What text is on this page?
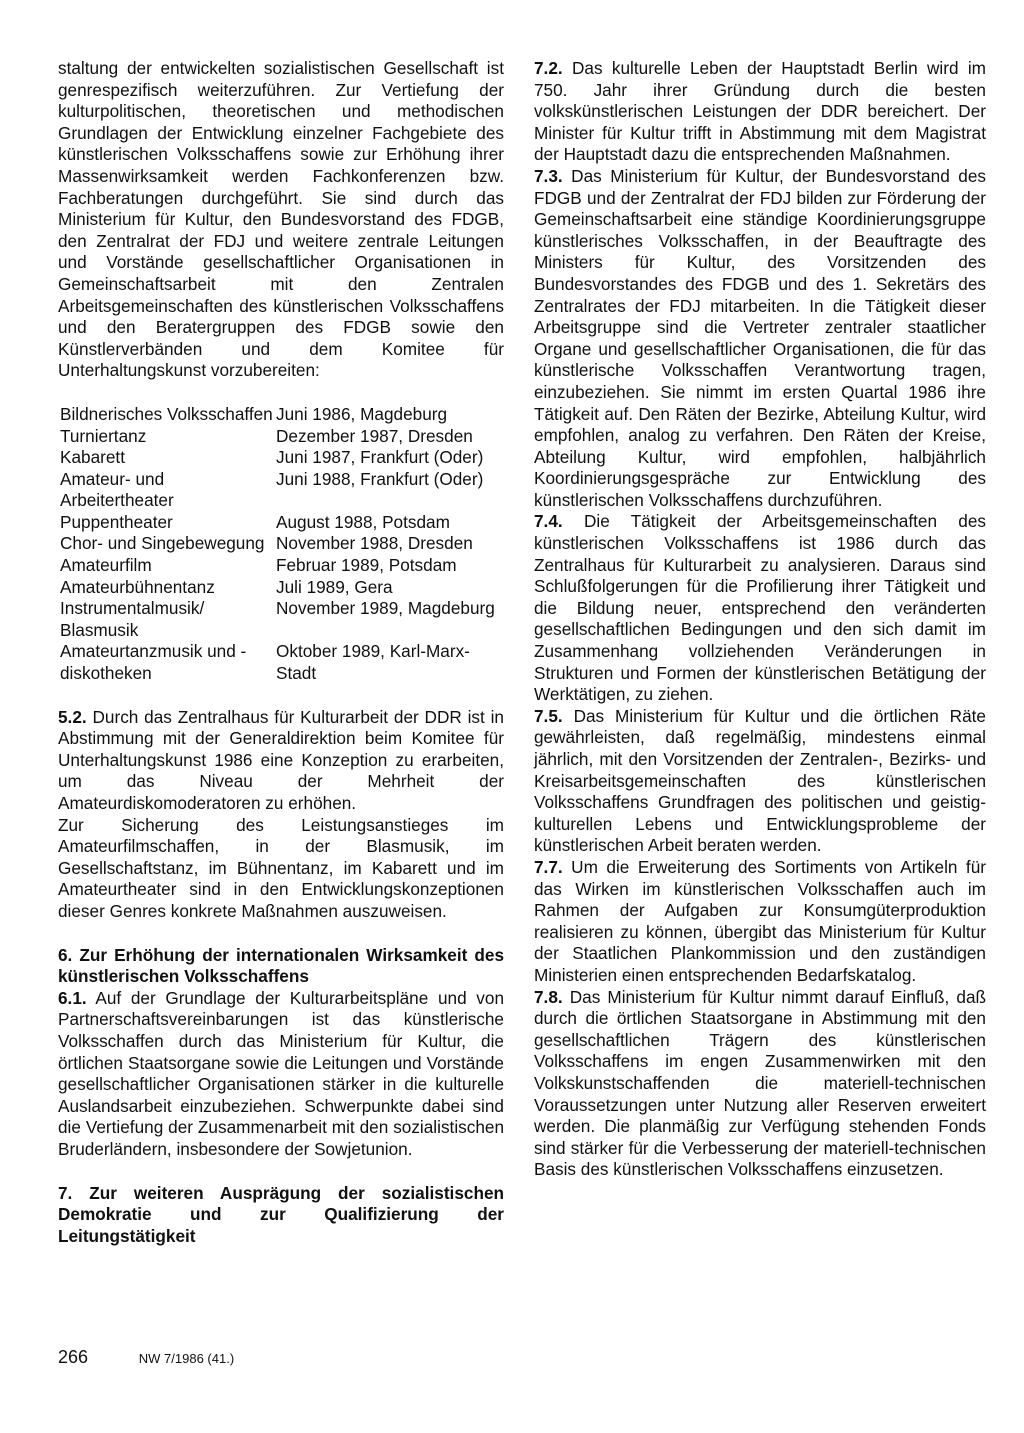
staltung der entwickelten sozialistischen Gesellschaft ist genrespezifisch weiterzuführen. Zur Vertiefung der kulturpolitischen, theoretischen und methodischen Grundlagen der Entwicklung einzelner Fachgebiete des künstlerischen Volksschaffens sowie zur Erhöhung ihrer Massenwirksamkeit werden Fachkonferenzen bzw. Fachberatungen durchgeführt. Sie sind durch das Ministerium für Kultur, den Bundesvorstand des FDGB, den Zentralrat der FDJ und weitere zentrale Leitungen und Vorstände gesellschaftlicher Organisationen in Gemeinschaftsarbeit mit den Zentralen Arbeitsgemeinschaften des künstlerischen Volksschaffens und den Beratergruppen des FDGB sowie den Künstlerverbänden und dem Komitee für Unterhaltungskunst vorzubereiten:

Bildnerisches Volksschaffen	Juni 1986, Magdeburg
Turniertanz	Dezember 1987, Dresden
Kabarett	Juni 1987, Frankfurt (Oder)
Amateur- und Arbeitertheater	Juni 1988, Frankfurt (Oder)
Puppentheater	August 1988, Potsdam
Chor- und Singebewegung	November 1988, Dresden
Amateurfilm	Februar 1989, Potsdam
Amateurbühnentanz	Juli 1989, Gera
Instrumentalmusik/ Blasmusik	November 1989, Magdeburg
Amateurtanzmusik und -diskotheken	Oktober 1989, Karl-Marx-Stadt

5.2. Durch das Zentralhaus für Kulturarbeit der DDR ist in Abstimmung mit der Generaldirektion beim Komitee für Unterhaltungskunst 1986 eine Konzeption zu erarbeiten, um das Niveau der Mehrheit der Amateurdiskomoderatoren zu erhöhen.

Zur Sicherung des Leistungsanstieges im Amateurfilmschaffen, in der Blasmusik, im Gesellschaftstanz, im Bühnentanz, im Kabarett und im Amateurtheater sind in den Entwicklungskonzeptionen dieser Genres konkrete Maßnahmen auszuweisen.

6. Zur Erhöhung der internationalen Wirksamkeit des künstlerischen Volksschaffens

6.1. Auf der Grundlage der Kulturarbeitspläne und von Partnerschaftsvereinbarungen ist das künstlerische Volksschaffen durch das Ministerium für Kultur, die örtlichen Staatsorgane sowie die Leitungen und Vorstände gesellschaftlicher Organisationen stärker in die kulturelle Auslandsarbeit einzubeziehen. Schwerpunkte dabei sind die Vertiefung der Zusammenarbeit mit den sozialistischen Bruderländern, insbesondere der Sowjetunion.

7. Zur weiteren Ausprägung der sozialistischen Demokratie und zur Qualifizierung der Leitungstätigkeit

7.2. Das kulturelle Leben der Hauptstadt Berlin wird im 750. Jahr ihrer Gründung durch die besten volkskünstlerischen Leistungen der DDR bereichert. Der Minister für Kultur trifft in Abstimmung mit dem Magistrat der Hauptstadt dazu die entsprechenden Maßnahmen.

7.3. Das Ministerium für Kultur, der Bundesvorstand des FDGB und der Zentralrat der FDJ bilden zur Förderung der Gemeinschaftsarbeit eine ständige Koordinierungsgruppe künstlerisches Volksschaffen, in der Beauftragte des Ministers für Kultur, des Vorsitzenden des Bundesvorstandes des FDGB und des 1. Sekretärs des Zentralrates der FDJ mitarbeiten. In die Tätigkeit dieser Arbeitsgruppe sind die Vertreter zentraler staatlicher Organe und gesellschaftlicher Organisationen, die für das künstlerische Volksschaffen Verantwortung tragen, einzubeziehen. Sie nimmt im ersten Quartal 1986 ihre Tätigkeit auf. Den Räten der Bezirke, Abteilung Kultur, wird empfohlen, analog zu verfahren. Den Räten der Kreise, Abteilung Kultur, wird empfohlen, halbjährlich Koordinierungsgespräche zur Entwicklung des künstlerischen Volksschaffens durchzuführen.

7.4. Die Tätigkeit der Arbeitsgemeinschaften des künstlerischen Volksschaffens ist 1986 durch das Zentralhaus für Kulturarbeit zu analysieren. Daraus sind Schlußfolgerungen für die Profilierung ihrer Tätigkeit und die Bildung neuer, entsprechend den veränderten gesellschaftlichen Bedingungen und den sich damit im Zusammenhang vollziehenden Veränderungen in Strukturen und Formen der künstlerischen Betätigung der Werktätigen, zu ziehen.

7.5. Das Ministerium für Kultur und die örtlichen Räte gewährleisten, daß regelmäßig, mindestens einmal jährlich, mit den Vorsitzenden der Zentralen-, Bezirks- und Kreisarbeitsgemeinschaften des künstlerischen Volksschaffens Grundfragen des politischen und geistig-kulturellen Lebens und Entwicklungsprobleme der künstlerischen Arbeit beraten werden.

7.7. Um die Erweiterung des Sortiments von Artikeln für das Wirken im künstlerischen Volksschaffen auch im Rahmen der Aufgaben zur Konsumgüterproduktion realisieren zu können, übergibt das Ministerium für Kultur der Staatlichen Plankommission und den zuständigen Ministerien einen entsprechenden Bedarfskatalog.

7.8. Das Ministerium für Kultur nimmt darauf Einfluß, daß durch die örtlichen Staatsorgane in Abstimmung mit den gesellschaftlichen Trägern des künstlerischen Volksschaffens im engen Zusammenwirken mit den Volkskunstschaffenden die materiell-technischen Voraussetzungen unter Nutzung aller Reserven erweitert werden. Die planmäßig zur Verfügung stehenden Fonds sind stärker für die Verbesserung der materiell-technischen Basis des künstlerischen Volksschaffens einzusetzen.

266	NW 7/1986 (41.)
